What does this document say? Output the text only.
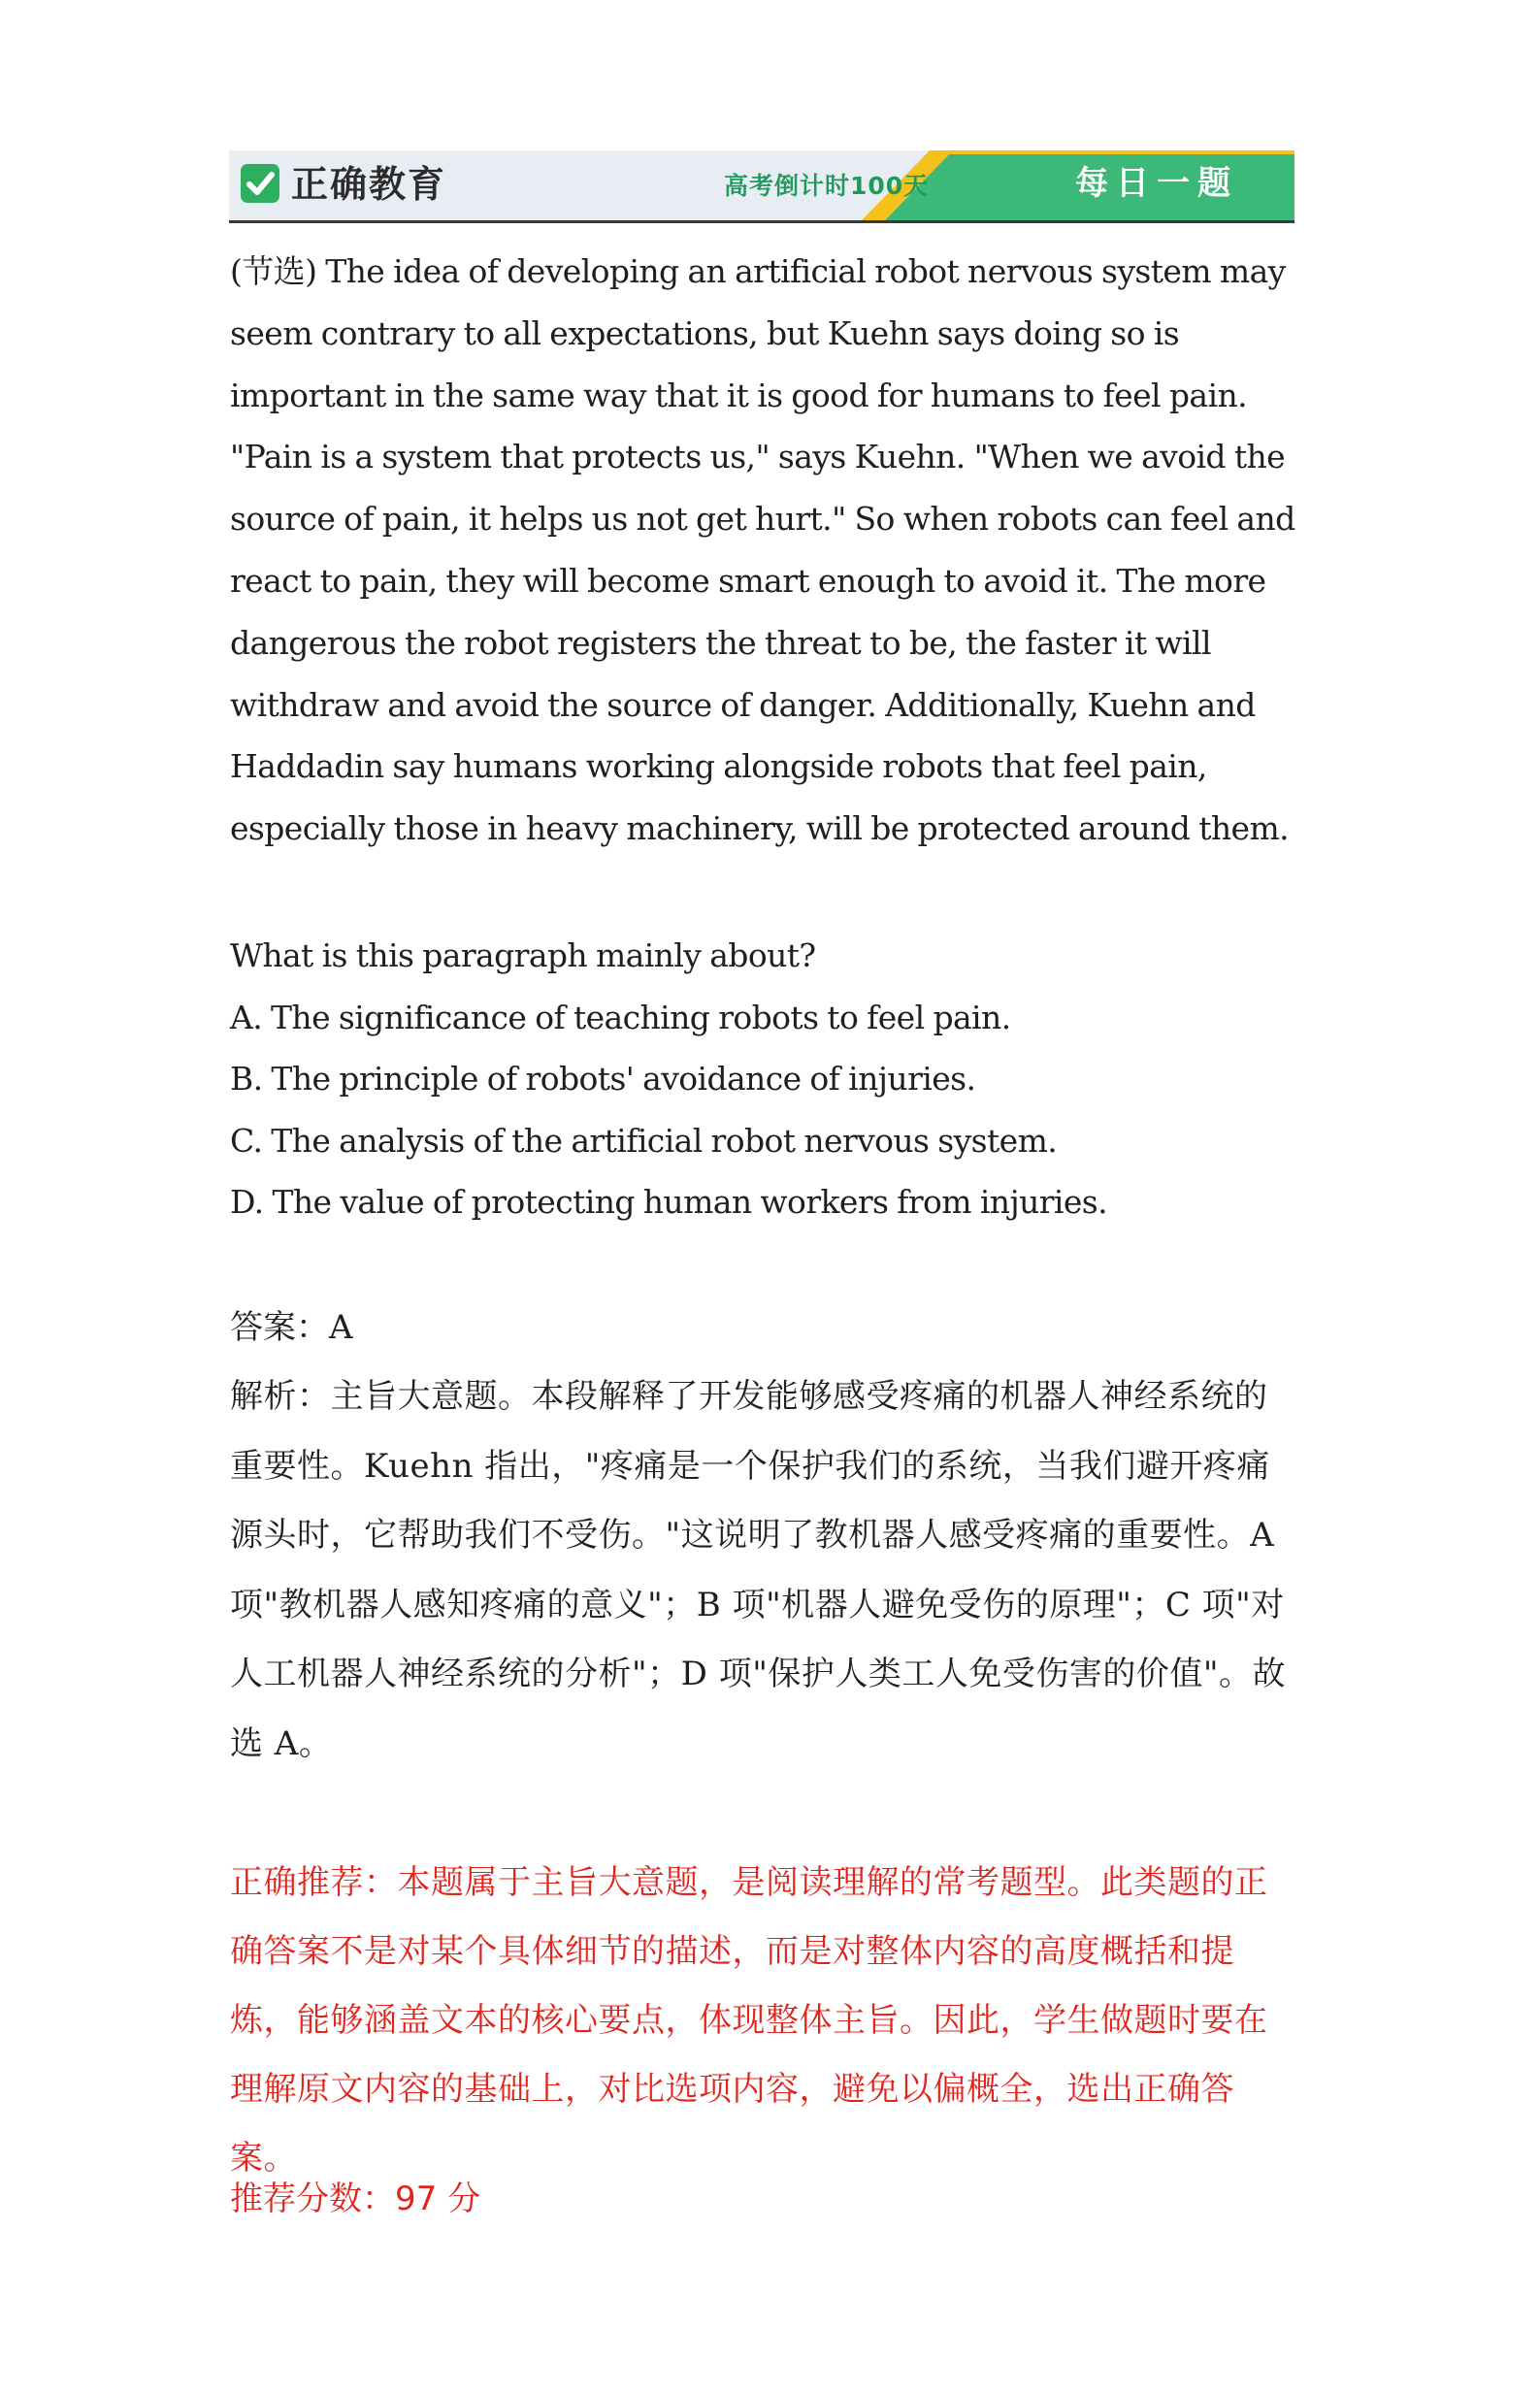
正确教育	高考倒计时100天	每日一题

(节选) The idea of developing an artificial robot nervous system may seem contrary to all expectations, but Kuehn says doing so is important in the same way that it is good for humans to feel pain. "Pain is a system that protects us," says Kuehn. "When we avoid the source of pain, it helps us not get hurt." So when robots can feel and react to pain, they will become smart enough to avoid it. The more dangerous the robot registers the threat to be, the faster it will withdraw and avoid the source of danger. Additionally, Kuehn and Haddadin say humans working alongside robots that feel pain, especially those in heavy machinery, will be protected around them.

What is this paragraph mainly about?

A. The significance of teaching robots to feel pain.

B. The principle of robots' avoidance of injuries.

C. The analysis of the artificial robot nervous system.

D. The value of protecting human workers from injuries.

答案：A
解析：主旨大意题。本段解释了开发能够感受疼痛的机器人神经系统的重要性。Kuehn 指出，"疼痛是一个保护我们的系统，当我们避开疼痛源头时，它帮助我们不受伤。"这说明了教机器人感受疼痛的重要性。A 项"教机器人感知疼痛的意义"；B 项"机器人避免受伤的原理"；C 项"对人工机器人神经系统的分析"；D 项"保护人类工人免受伤害的价值"。故选 A。
正确推荐：本题属于主旨大意题，是阅读理解的常考题型。此类题的正确答案不是对某个具体细节的描述，而是对整体内容的高度概括和提炼，能够涵盖文本的核心要点，体现整体主旨。因此，学生做题时要在理解原文内容的基础上，对比选项内容，避免以偏概全，选出正确答案。
推荐分数：97 分
